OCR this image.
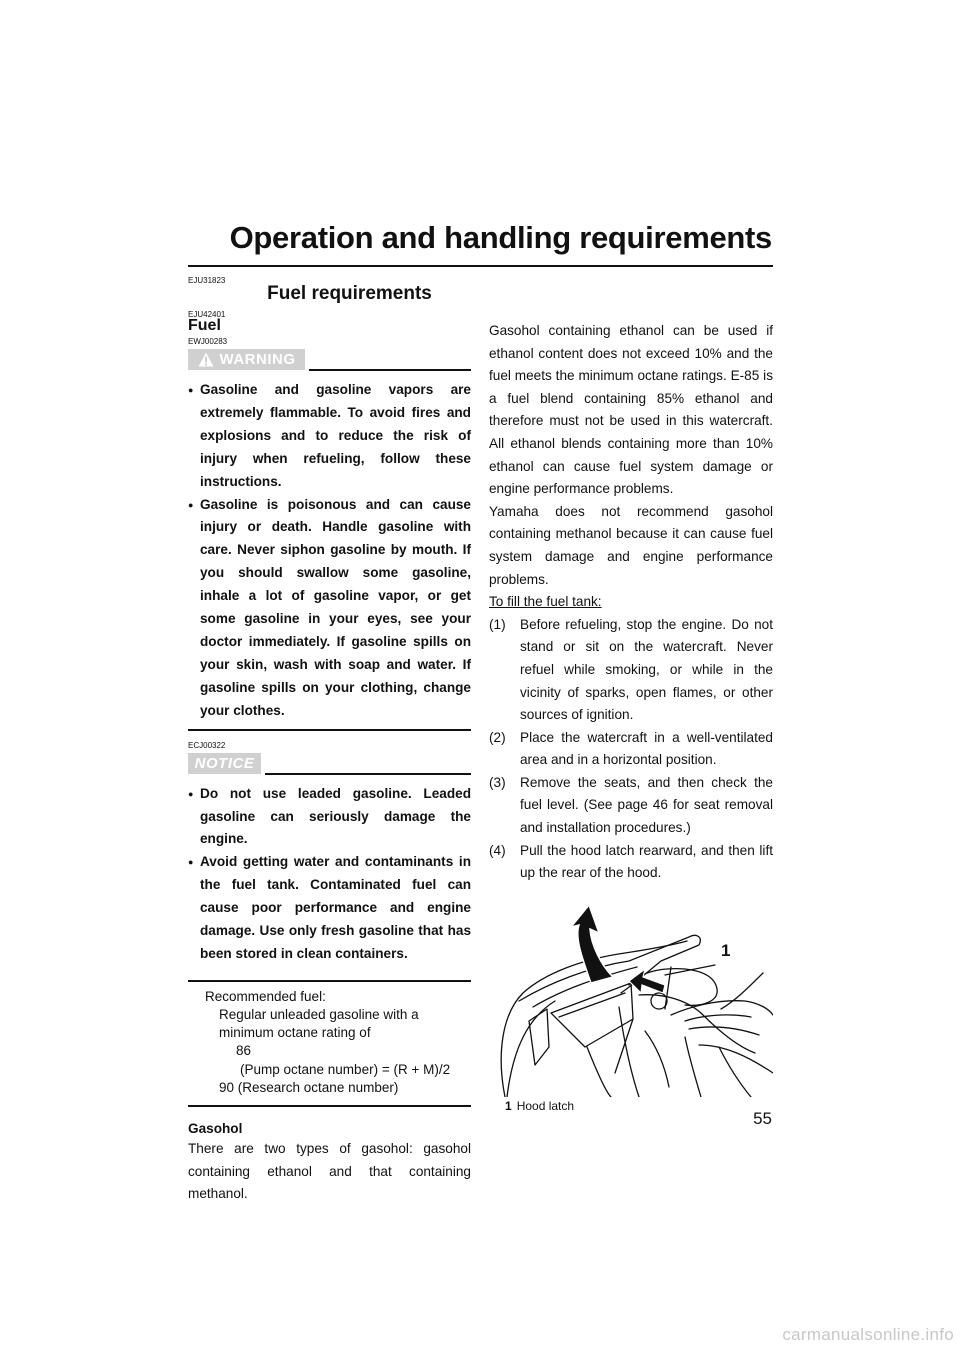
Operation and handling requirements
EJU31823
Fuel requirements
EJU42401
Fuel
EWJ00283
WARNING
● Gasoline and gasoline vapors are extremely flammable. To avoid fires and explosions and to reduce the risk of injury when refueling, follow these instructions.
● Gasoline is poisonous and can cause injury or death. Handle gasoline with care. Never siphon gasoline by mouth. If you should swallow some gasoline, inhale a lot of gasoline vapor, or get some gasoline in your eyes, see your doctor immediately. If gasoline spills on your skin, wash with soap and water. If gasoline spills on your clothing, change your clothes.
ECJ00322
NOTICE
● Do not use leaded gasoline. Leaded gasoline can seriously damage the engine.
● Avoid getting water and contaminants in the fuel tank. Contaminated fuel can cause poor performance and engine damage. Use only fresh gasoline that has been stored in clean containers.
Recommended fuel:
Regular unleaded gasoline with a
minimum octane rating of
86
(Pump octane number) = (R + M)/2
90 (Research octane number)
Gasohol

There are two types of gasohol: gasohol containing ethanol and that containing methanol.

Gasohol containing ethanol can be used if ethanol content does not exceed 10% and the fuel meets the minimum octane ratings. E-85 is a fuel blend containing 85% ethanol and therefore must not be used in this watercraft. All ethanol blends containing more than 10% ethanol can cause fuel system damage or engine performance problems.

Yamaha does not recommend gasohol containing methanol because it can cause fuel system damage and engine performance problems.

To fill the fuel tank:

(1) Before refueling, stop the engine. Do not stand or sit on the watercraft. Never refuel while smoking, or while in the vicinity of sparks, open flames, or other sources of ignition.
(2) Place the watercraft in a well-ventilated area and in a horizontal position.
(3) Remove the seats, and then check the fuel level. (See page 46 for seat removal and installation procedures.)
(4) Pull the hood latch rearward, and then lift up the rear of the hood.
1
1 Hood latch
55
carmanualsonline.info
